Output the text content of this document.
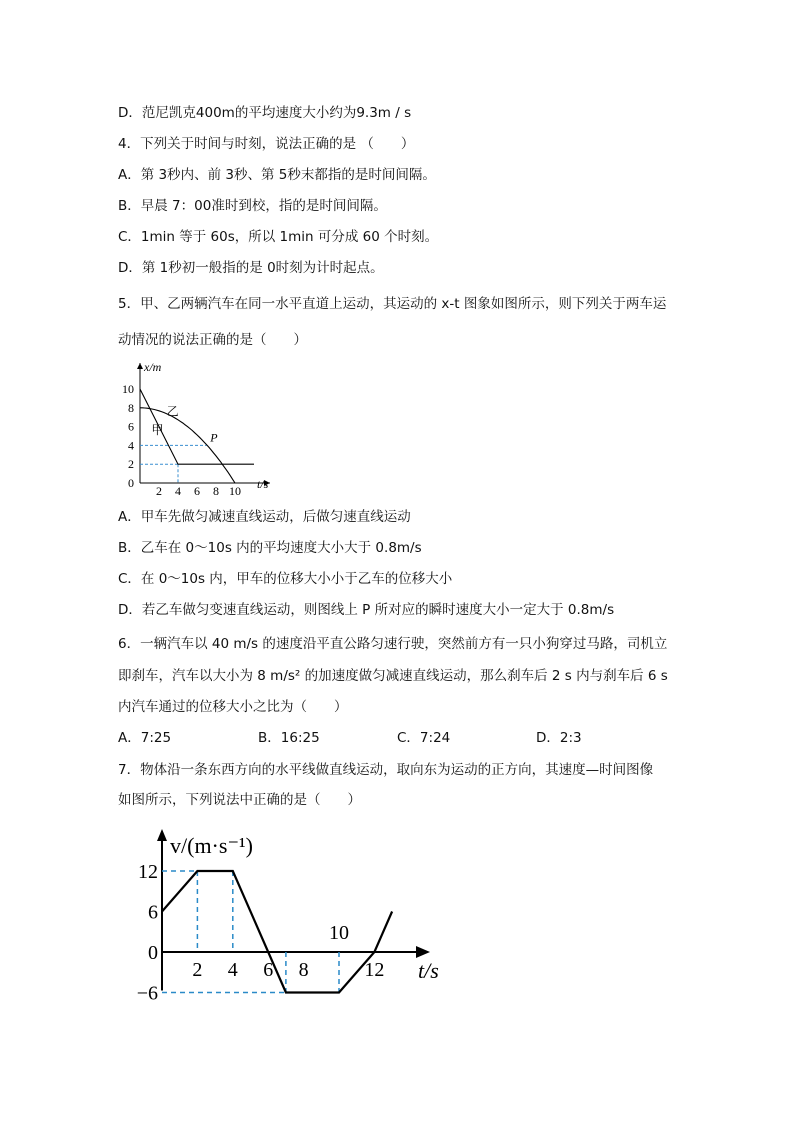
D．范尼凯克400m的平均速度大小约为9.3m / s
4．下列关于时间与时刻，说法正确的是 （　　）
A．第 3秒内、前 3秒、第 5秒末都指的是时间间隔。
B．早晨 7：00准时到校，指的是时间间隔。
C．1min 等于 60s，所以 1min 可分成 60 个时刻。
D．第 1秒初一般指的是 0时刻为计时起点。
5．甲、乙两辆汽车在同一水平直道上运动，其运动的 x-t 图象如图所示，则下列关于两车运
动情况的说法正确的是（　　）
x/m
t/s
2 4 6 8 10
0
2
4
6
8
10
甲
乙
P
A．甲车先做匀减速直线运动，后做匀速直线运动
B．乙车在 0～10s 内的平均速度大小大于 0.8m/s
C．在 0～10s 内，甲车的位移大小小于乙车的位移大小
D．若乙车做匀变速直线运动，则图线上 P 所对应的瞬时速度大小一定大于 0.8m/s
6．一辆汽车以 40 m/s 的速度沿平直公路匀速行驶，突然前方有一只小狗穿过马路，司机立
即刹车，汽车以大小为 8 m/s² 的加速度做匀减速直线运动，那么刹车后 2 s 内与刹车后 6 s
内汽车通过的位移大小之比为（　　）
A．7:25	B．16:25	C．7:24	D．2:3
7．物体沿一条东西方向的水平线做直线运动，取向东为运动的正方向，其速度—时间图像
如图所示，下列说法中正确的是（　　）
v/(m·s⁻¹)
t/s
12
6
0
−6
2 4 6 8
10
12
